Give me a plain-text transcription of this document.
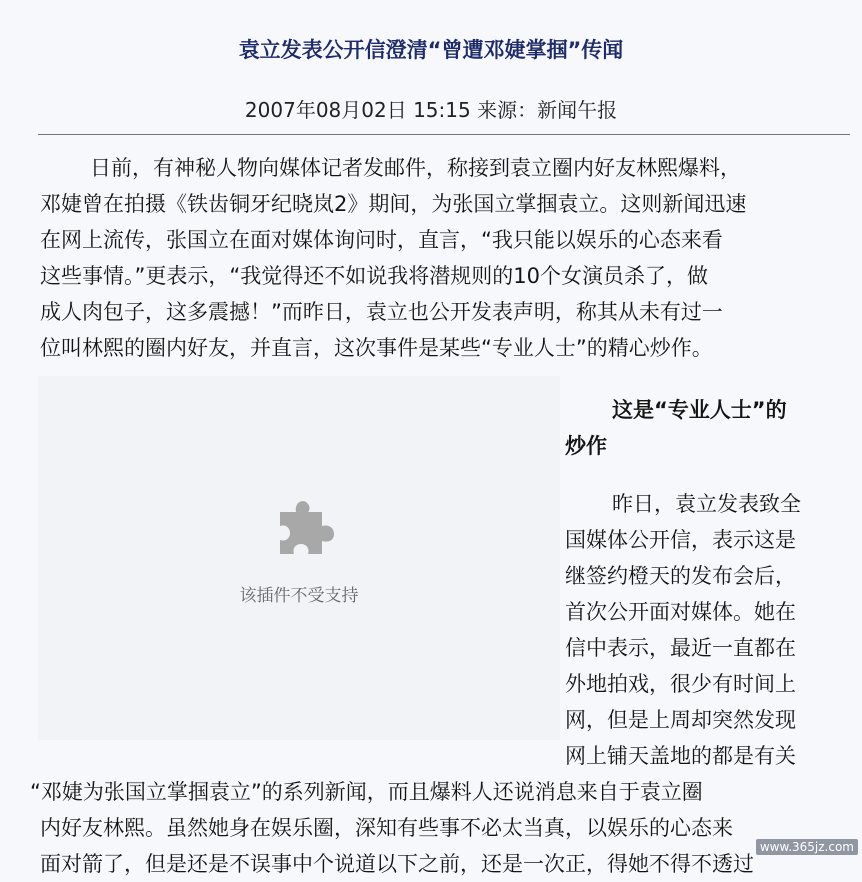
袁立发表公开信澄清“曾遭邓婕掌掴”传闻
2007年08月02日 15:15 来源：新闻午报
日前，有神秘人物向媒体记者发邮件，称接到袁立圈内好友林熙爆料，
邓婕曾在拍摄《铁齿铜牙纪晓岚2》期间，为张国立掌掴袁立。这则新闻迅速
在网上流传，张国立在面对媒体询问时，直言，“我只能以娱乐的心态来看
这些事情。”更表示，“我觉得还不如说我将潜规则的10个女演员杀了，做
成人肉包子，这多震撼！”而昨日，袁立也公开发表声明，称其从未有过一
位叫林熙的圈内好友，并直言，这次事件是某些“专业人士”的精心炒作。
该插件不受支持
这是“专业人士”的
炒作
昨日，袁立发表致全
国媒体公开信，表示这是
继签约橙天的发布会后，
首次公开面对媒体。她在
信中表示，最近一直都在
外地拍戏，很少有时间上
网，但是上周却突然发现
网上铺天盖地的都是有关
“邓婕为张国立掌掴袁立”的系列新闻，而且爆料人还说消息来自于袁立圈
内好友林熙。虽然她身在娱乐圈，深知有些事不必太当真，以娱乐的心态来
面对箭了，但是还是不误事中个说道以下之前，还是一次正，得她不得不透过
www.365jz.com
